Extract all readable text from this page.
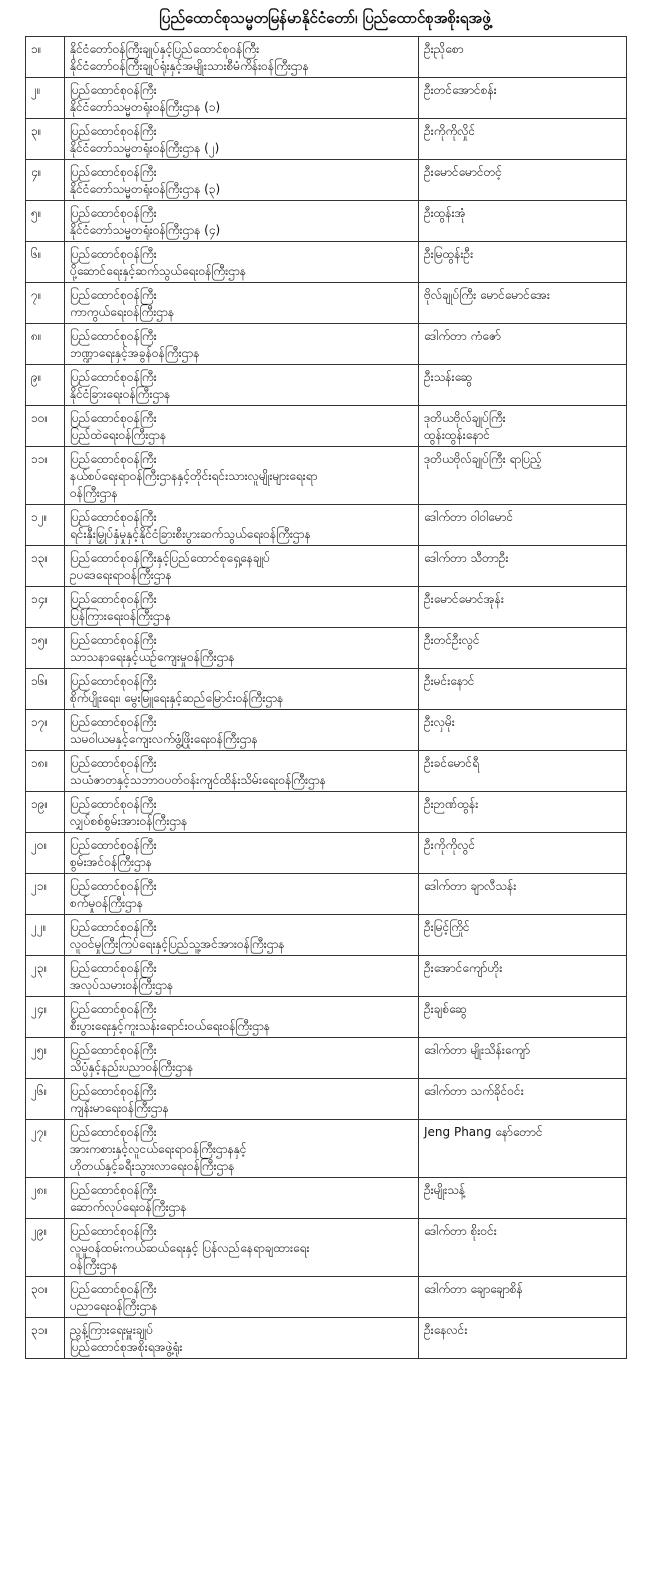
ပြည်ထောင်စုသမ္မတမြန်မာနိုင်ငံတော်၊ ပြည်ထောင်စုအစိုးရအဖွဲ့
၁။	နိုင်ငံတော်ဝန်ကြီးချုပ်နှင့်ပြည်ထောင်စုဝန်ကြီး
နိုင်ငံတော်ဝန်ကြီးချုပ်ရုံးနှင့်အမျိုးသားစီမံကိန်းဝန်ကြီးဌာန	ဦးညိုစော

၂။	ပြည်ထောင်စုဝန်ကြီး
နိုင်ငံတော်သမ္မတရုံးဝန်ကြီးဌာန (၁)	ဦးတင်အောင်စန်း

၃။	ပြည်ထောင်စုဝန်ကြီး
နိုင်ငံတော်သမ္မတရုံးဝန်ကြီးဌာန (၂)	ဦးကိုကိုလှိုင်

၄။	ပြည်ထောင်စုဝန်ကြီး
နိုင်ငံတော်သမ္မတရုံးဝန်ကြီးဌာန (၃)	ဦးမောင်မောင်တင့်

၅။	ပြည်ထောင်စုဝန်ကြီး
နိုင်ငံတော်သမ္မတရုံးဝန်ကြီးဌာန (၄)	ဦးထွန်းအုံ

၆။	ပြည်ထောင်စုဝန်ကြီး
ပို့ဆောင်ရေးနှင့်ဆက်သွယ်ရေးဝန်ကြီးဌာန	ဦးမြထွန်းဦး

၇။	ပြည်ထောင်စုဝန်ကြီး
ကာကွယ်ရေးဝန်ကြီးဌာန	ဗိုလ်ချုပ်ကြီး မောင်မောင်အေး

၈။	ပြည်ထောင်စုဝန်ကြီး
ဘဏ္ဍာရေးနှင့်အခွန်ဝန်ကြီးဌာန	ဒေါက်တာ ကံဇော်

၉။	ပြည်ထောင်စုဝန်ကြီး
နိုင်ငံခြားရေးဝန်ကြီးဌာန	ဦးသန်းဆွေ

၁၀။	ပြည်ထောင်စုဝန်ကြီး
ပြည်ထဲရေးဝန်ကြီးဌာန	ဒုတိယဗိုလ်ချုပ်ကြီး
ထွန်းထွန်းနောင်

၁၁။	ပြည်ထောင်စုဝန်ကြီး
နယ်စပ်ရေးရာဝန်ကြီးဌာနနှင့်တိုင်းရင်းသားလူမျိုးများရေးရာ
ဝန်ကြီးဌာန	ဒုတိယဗိုလ်ချုပ်ကြီး ရာပြည့်

၁၂။	ပြည်ထောင်စုဝန်ကြီး
ရင်းနှီးမြှုပ်နှံမှုနှင့်နိုင်ငံခြားစီးပွားဆက်သွယ်ရေးဝန်ကြီးဌာန	ဒေါက်တာ ဝါဝါမောင်

၁၃။	ပြည်ထောင်စုဝန်ကြီးနှင့်ပြည်ထောင်စုရှေ့နေချုပ်
ဥပဒေရေးရာဝန်ကြီးဌာန	ဒေါက်တာ သီတာဦး

၁၄။	ပြည်ထောင်စုဝန်ကြီး
ပြန်ကြားရေးဝန်ကြီးဌာန	ဦးမောင်မောင်အုန်း

၁၅။	ပြည်ထောင်စုဝန်ကြီး
သာသနာရေးနှင့်ယဉ်ကျေးမှုဝန်ကြီးဌာန	ဦးတင်ဦးလွင်

၁၆။	ပြည်ထောင်စုဝန်ကြီး
စိုက်ပျိုးရေး၊ မွေးမြူရေးနှင့်ဆည်မြောင်းဝန်ကြီးဌာန	ဦးမင်းနောင်

၁၇။	ပြည်ထောင်စုဝန်ကြီး
သမဝါယမနှင့်ကျေးလက်ဖွံ့ဖြိုးရေးဝန်ကြီးဌာန	ဦးလှမိုး

၁၈။	ပြည်ထောင်စုဝန်ကြီး
သယံဇာတနှင့်သဘာဝပတ်ဝန်းကျင်ထိန်းသိမ်းရေးဝန်ကြီးဌာန	ဦးခင်မောင်ရီ

၁၉။	ပြည်ထောင်စုဝန်ကြီး
လျှပ်စစ်စွမ်းအားဝန်ကြီးဌာန	ဦးဉာဏ်ထွန်း

၂၀။	ပြည်ထောင်စုဝန်ကြီး
စွမ်းအင်ဝန်ကြီးဌာန	ဦးကိုကိုလွင်

၂၁။	ပြည်ထောင်စုဝန်ကြီး
စက်မှုဝန်ကြီးဌာန	ဒေါက်တာ ချာလီသန်း

၂၂။	ပြည်ထောင်စုဝန်ကြီး
လူဝင်မှုကြီးကြပ်ရေးနှင့်ပြည်သူ့အင်အားဝန်ကြီးဌာန	ဦးမြင့်ကြိုင်

၂၃။	ပြည်ထောင်စုဝန်ကြီး
အလုပ်သမားဝန်ကြီးဌာန	ဦးအောင်ကျော်ဟိုး

၂၄။	ပြည်ထောင်စုဝန်ကြီး
စီးပွားရေးနှင့်ကူးသန်းရောင်းဝယ်ရေးဝန်ကြီးဌာန	ဦးချစ်ဆွေ

၂၅။	ပြည်ထောင်စုဝန်ကြီး
သိပ္ပံနှင့်နည်းပညာဝန်ကြီးဌာန	ဒေါက်တာ မျိုးသိန်းကျော်

၂၆။	ပြည်ထောင်စုဝန်ကြီး
ကျန်းမာရေးဝန်ကြီးဌာန	ဒေါက်တာ သက်ခိုင်ဝင်း

၂၇။	ပြည်ထောင်စုဝန်ကြီး
အားကစားနှင့်လူငယ်ရေးရာဝန်ကြီးဌာနနှင့်
ဟိုတယ်နှင့်ခရီးသွားလာရေးဝန်ကြီးဌာန	Jeng Phang နော်တောင်

၂၈။	ပြည်ထောင်စုဝန်ကြီး
ဆောက်လုပ်ရေးဝန်ကြီးဌာန	ဦးမျိုးသန့်

၂၉။	ပြည်ထောင်စုဝန်ကြီး
လူမှုဝန်ထမ်းကယ်ဆယ်ရေးနှင့် ပြန်လည်နေရာချထားရေး
ဝန်ကြီးဌာန	ဒေါက်တာ စိုးဝင်း

၃၀။	ပြည်ထောင်စုဝန်ကြီး
ပညာရေးဝန်ကြီးဌာန	ဒေါက်တာ ချောချောစိန်

၃၁။	ညွန့်ကြားရေးမှူးချုပ်
ပြည်ထောင်စုအစိုးရအဖွဲ့ရုံး	ဦးနေလင်း
